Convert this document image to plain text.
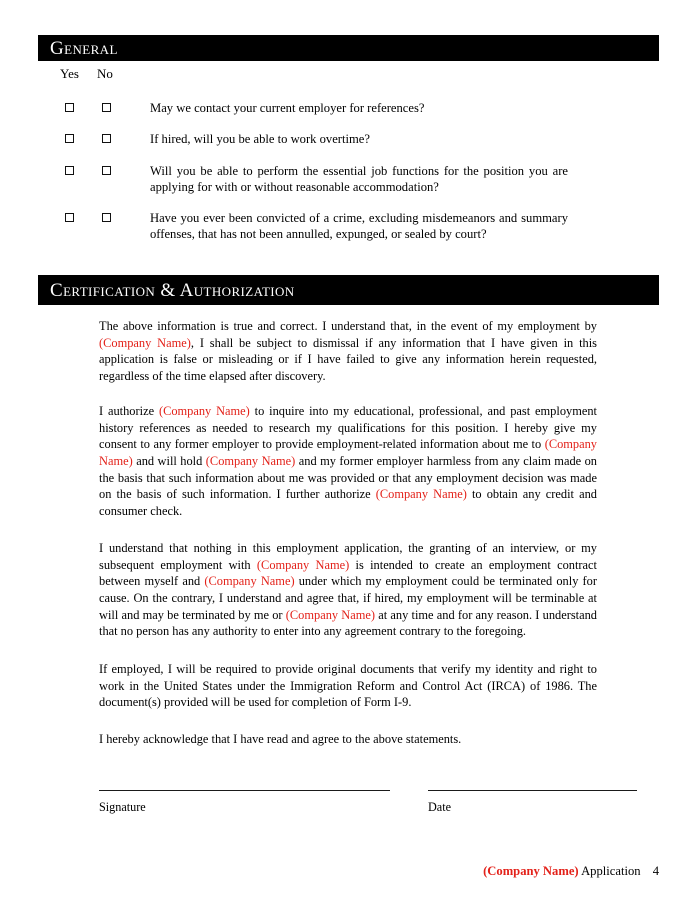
General
Yes No
May we contact your current employer for references?
If hired, will you be able to work overtime?
Will you be able to perform the essential job functions for the position you are applying for with or without reasonable accommodation?
Have you ever been convicted of a crime, excluding misdemeanors and summary offenses, that has not been annulled, expunged, or sealed by court?
Certification & Authorization
The above information is true and correct. I understand that, in the event of my employment by (Company Name), I shall be subject to dismissal if any information that I have given in this application is false or misleading or if I have failed to give any information herein requested, regardless of the time elapsed after discovery.
I authorize (Company Name) to inquire into my educational, professional, and past employment history references as needed to research my qualifications for this position. I hereby give my consent to any former employer to provide employment-related information about me to (Company Name) and will hold (Company Name) and my former employer harmless from any claim made on the basis that such information about me was provided or that any employment decision was made on the basis of such information. I further authorize (Company Name) to obtain any credit and consumer check.
I understand that nothing in this employment application, the granting of an interview, or my subsequent employment with (Company Name) is intended to create an employment contract between myself and (Company Name) under which my employment could be terminated only for cause. On the contrary, I understand and agree that, if hired, my employment will be terminable at will and may be terminated by me or (Company Name) at any time and for any reason. I understand that no person has any authority to enter into any agreement contrary to the foregoing.
If employed, I will be required to provide original documents that verify my identity and right to work in the United States under the Immigration Reform and Control Act (IRCA) of 1986. The document(s) provided will be used for completion of Form I-9.
I hereby acknowledge that I have read and agree to the above statements.
Signature	Date
(Company Name) Application 4
